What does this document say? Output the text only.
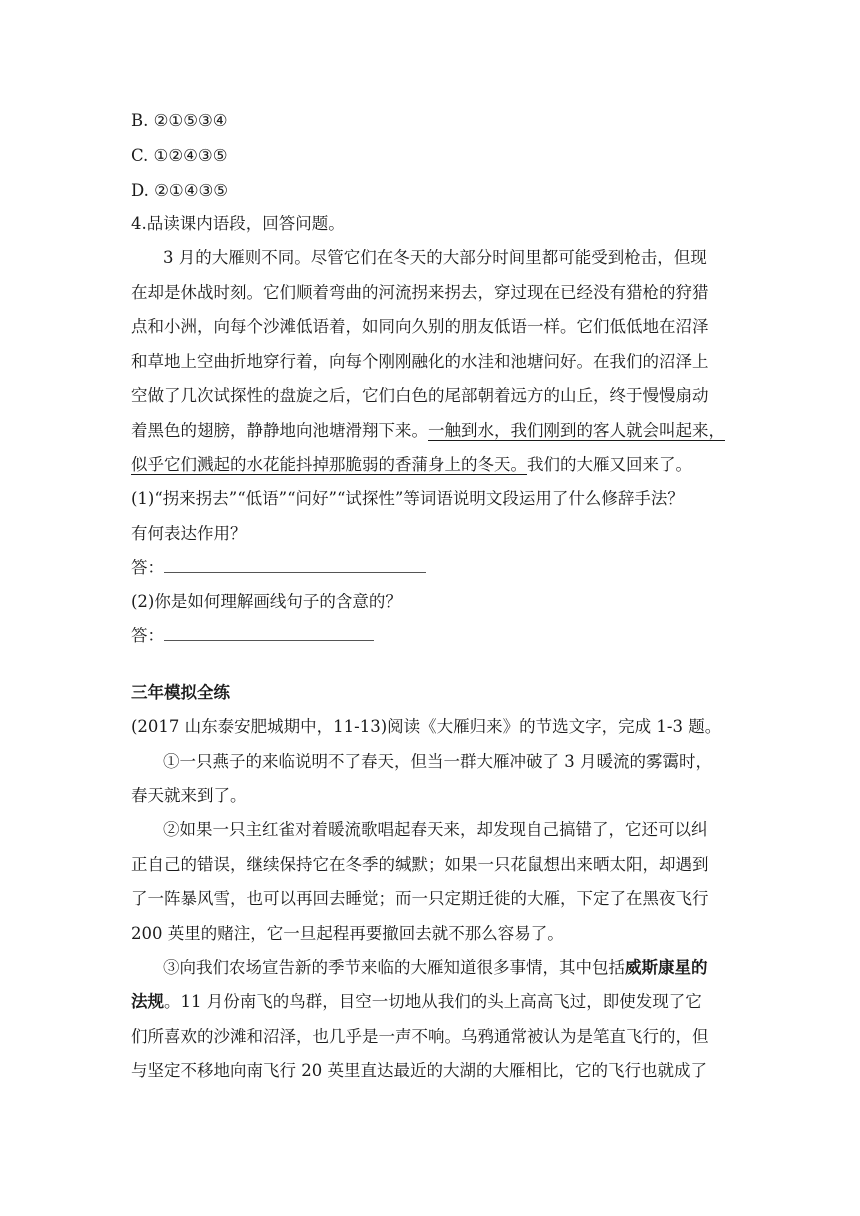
B. ②①⑤③④
C. ①②④③⑤
D. ②①④③⑤
4.品读课内语段，回答问题。
3 月的大雁则不同。尽管它们在冬天的大部分时间里都可能受到枪击，但现
在却是休战时刻。它们顺着弯曲的河流拐来拐去，穿过现在已经没有猎枪的狩猎
点和小洲，向每个沙滩低语着，如同向久别的朋友低语一样。它们低低地在沼泽
和草地上空曲折地穿行着，向每个刚刚融化的水洼和池塘问好。在我们的沼泽上
空做了几次试探性的盘旋之后，它们白色的尾部朝着远方的山丘，终于慢慢扇动
着黑色的翅膀，静静地向池塘滑翔下来。一触到水，我们刚到的客人就会叫起来，
似乎它们溅起的水花能抖掉那脆弱的香蒲身上的冬天。我们的大雁又回来了。
(1)“拐来拐去”“低语”“问好”“试探性”等词语说明文段运用了什么修辞手法？
有何表达作用？
答：
(2)你是如何理解画线句子的含意的？
答：
三年模拟全练
(2017 山东泰安肥城期中，11-13)阅读《大雁归来》的节选文字，完成 1-3 题。
①一只燕子的来临说明不了春天，但当一群大雁冲破了 3 月暖流的雾霭时，
春天就来到了。
②如果一只主红雀对着暖流歌唱起春天来，却发现自己搞错了，它还可以纠
正自己的错误，继续保持它在冬季的缄默；如果一只花鼠想出来晒太阳，却遇到
了一阵暴风雪，也可以再回去睡觉；而一只定期迁徙的大雁，下定了在黑夜飞行
200 英里的赌注，它一旦起程再要撤回去就不那么容易了。
③向我们农场宣告新的季节来临的大雁知道很多事情，其中包括威斯康星的
法规。11 月份南飞的鸟群，目空一切地从我们的头上高高飞过，即使发现了它
们所喜欢的沙滩和沼泽，也几乎是一声不响。乌鸦通常被认为是笔直飞行的，但
与坚定不移地向南飞行 20 英里直达最近的大湖的大雁相比，它的飞行也就成了
